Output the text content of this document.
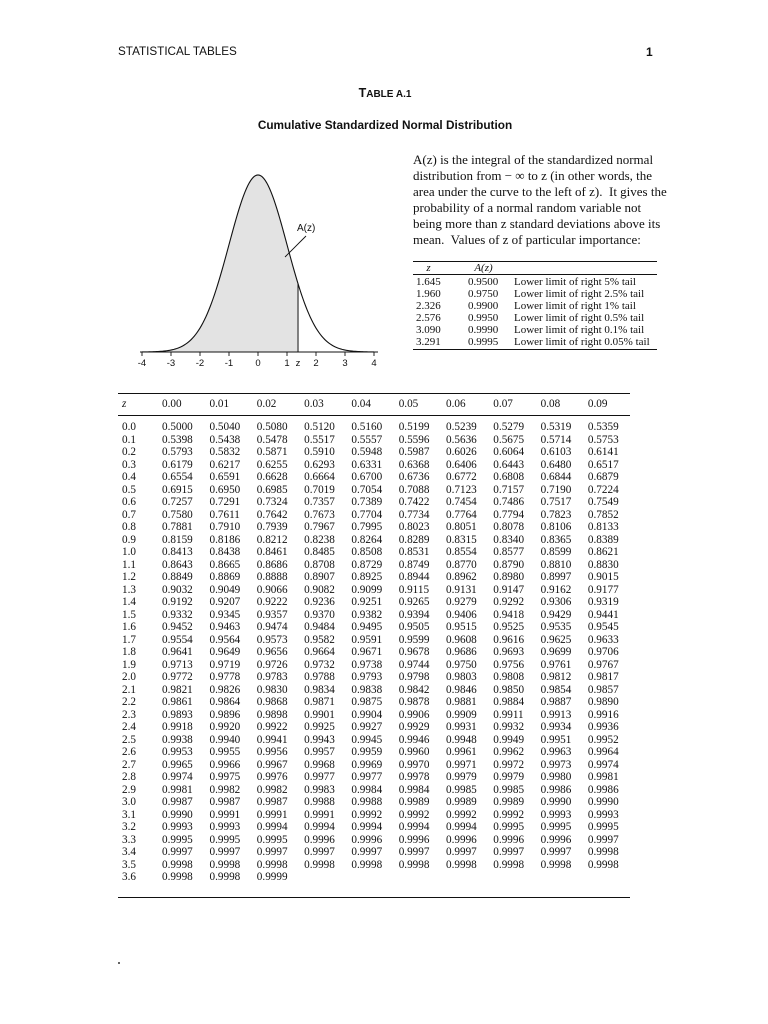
STATISTICAL TABLES	1
TABLE A.1
Cumulative Standardized Normal Distribution
A(z)
-4 -3 -2 -1 0 1 2 3 4
z
A(z) is the integral of the standardized normal
distribution from − ∞ to z (in other words, the
area under the curve to the left of z).  It gives the
probability of a normal random variable not
being more than z standard deviations above its
mean.  Values of z of particular importance:
z	A(z)
1.645 0.9500 Lower limit of right 5% tail
1.960 0.9750 Lower limit of right 2.5% tail
2.326 0.9900 Lower limit of right 1% tail
2.576 0.9950 Lower limit of right 0.5% tail
3.090 0.9990 Lower limit of right 0.1% tail
3.291 0.9995 Lower limit of right 0.05% tail
z	0.00 0.01 0.02 0.03 0.04 0.05 0.06 0.07 0.08 0.09
0.0 0.5000 0.5040 0.5080 0.5120 0.5160 0.5199 0.5239 0.5279 0.5319 0.5359
0.1 0.5398 0.5438 0.5478 0.5517 0.5557 0.5596 0.5636 0.5675 0.5714 0.5753
0.2 0.5793 0.5832 0.5871 0.5910 0.5948 0.5987 0.6026 0.6064 0.6103 0.6141
0.3 0.6179 0.6217 0.6255 0.6293 0.6331 0.6368 0.6406 0.6443 0.6480 0.6517
0.4 0.6554 0.6591 0.6628 0.6664 0.6700 0.6736 0.6772 0.6808 0.6844 0.6879
0.5 0.6915 0.6950 0.6985 0.7019 0.7054 0.7088 0.7123 0.7157 0.7190 0.7224
0.6 0.7257 0.7291 0.7324 0.7357 0.7389 0.7422 0.7454 0.7486 0.7517 0.7549
0.7 0.7580 0.7611 0.7642 0.7673 0.7704 0.7734 0.7764 0.7794 0.7823 0.7852
0.8 0.7881 0.7910 0.7939 0.7967 0.7995 0.8023 0.8051 0.8078 0.8106 0.8133
0.9 0.8159 0.8186 0.8212 0.8238 0.8264 0.8289 0.8315 0.8340 0.8365 0.8389
1.0 0.8413 0.8438 0.8461 0.8485 0.8508 0.8531 0.8554 0.8577 0.8599 0.8621
1.1 0.8643 0.8665 0.8686 0.8708 0.8729 0.8749 0.8770 0.8790 0.8810 0.8830
1.2 0.8849 0.8869 0.8888 0.8907 0.8925 0.8944 0.8962 0.8980 0.8997 0.9015
1.3 0.9032 0.9049 0.9066 0.9082 0.9099 0.9115 0.9131 0.9147 0.9162 0.9177
1.4 0.9192 0.9207 0.9222 0.9236 0.9251 0.9265 0.9279 0.9292 0.9306 0.9319
1.5 0.9332 0.9345 0.9357 0.9370 0.9382 0.9394 0.9406 0.9418 0.9429 0.9441
1.6 0.9452 0.9463 0.9474 0.9484 0.9495 0.9505 0.9515 0.9525 0.9535 0.9545
1.7 0.9554 0.9564 0.9573 0.9582 0.9591 0.9599 0.9608 0.9616 0.9625 0.9633
1.8 0.9641 0.9649 0.9656 0.9664 0.9671 0.9678 0.9686 0.9693 0.9699 0.9706
1.9 0.9713 0.9719 0.9726 0.9732 0.9738 0.9744 0.9750 0.9756 0.9761 0.9767
2.0 0.9772 0.9778 0.9783 0.9788 0.9793 0.9798 0.9803 0.9808 0.9812 0.9817
2.1 0.9821 0.9826 0.9830 0.9834 0.9838 0.9842 0.9846 0.9850 0.9854 0.9857
2.2 0.9861 0.9864 0.9868 0.9871 0.9875 0.9878 0.9881 0.9884 0.9887 0.9890
2.3 0.9893 0.9896 0.9898 0.9901 0.9904 0.9906 0.9909 0.9911 0.9913 0.9916
2.4 0.9918 0.9920 0.9922 0.9925 0.9927 0.9929 0.9931 0.9932 0.9934 0.9936
2.5 0.9938 0.9940 0.9941 0.9943 0.9945 0.9946 0.9948 0.9949 0.9951 0.9952
2.6 0.9953 0.9955 0.9956 0.9957 0.9959 0.9960 0.9961 0.9962 0.9963 0.9964
2.7 0.9965 0.9966 0.9967 0.9968 0.9969 0.9970 0.9971 0.9972 0.9973 0.9974
2.8 0.9974 0.9975 0.9976 0.9977 0.9977 0.9978 0.9979 0.9979 0.9980 0.9981
2.9 0.9981 0.9982 0.9982 0.9983 0.9984 0.9984 0.9985 0.9985 0.9986 0.9986
3.0 0.9987 0.9987 0.9987 0.9988 0.9988 0.9989 0.9989 0.9989 0.9990 0.9990
3.1 0.9990 0.9991 0.9991 0.9991 0.9992 0.9992 0.9992 0.9992 0.9993 0.9993
3.2 0.9993 0.9993 0.9994 0.9994 0.9994 0.9994 0.9994 0.9995 0.9995 0.9995
3.3 0.9995 0.9995 0.9995 0.9996 0.9996 0.9996 0.9996 0.9996 0.9996 0.9997
3.4 0.9997 0.9997 0.9997 0.9997 0.9997 0.9997 0.9997 0.9997 0.9997 0.9998
3.5 0.9998 0.9998 0.9998 0.9998 0.9998 0.9998 0.9998 0.9998 0.9998 0.9998
3.6 0.9998 0.9998 0.9999
